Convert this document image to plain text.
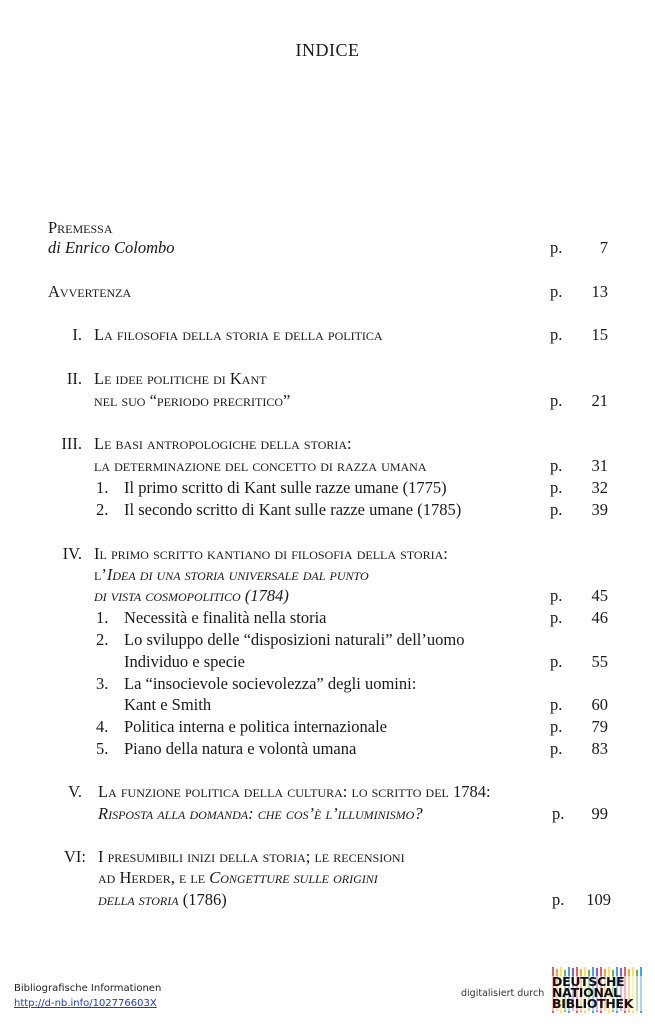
INDICE
Premessa
di Enrico Colombo	p. 7
Avvertenza	p. 13
I. La filosofia della storia e della politica	p. 15
II. Le idee politiche di Kant
nel suo “periodo precritico”	p. 21
III. Le basi antropologiche della storia:
la determinazione del concetto di razza umana	p. 31
1. Il primo scritto di Kant sulle razze umane (1775)	p. 32
2. Il secondo scritto di Kant sulle razze umane (1785)	p. 39
IV. Il primo scritto kantiano di filosofia della storia:
l’Idea di una storia universale dal punto
di vista cosmopolitico (1784)	p. 45
1. Necessità e finalità nella storia	p. 46
2. Lo sviluppo delle “disposizioni naturali” dell’uomo
Individuo e specie	p. 55
3. La “insocievole socievolezza” degli uomini:
Kant e Smith	p. 60
4. Politica interna e politica internazionale	p. 79
5. Piano della natura e volontà umana	p. 83
V. La funzione politica della cultura: lo scritto del 1784:
Risposta alla domanda: che cos’è l’illuminismo?	p. 99
VI: I presumibili inizi della storia; le recensioni
ad Herder, e le Congetture sulle origini
della storia (1786)	p. 109
Bibliografische Informationen
http://d-nb.info/102776603X
digitalisiert durch
DEUTSCHE
NATIONAL
BIBLIOTHEK
